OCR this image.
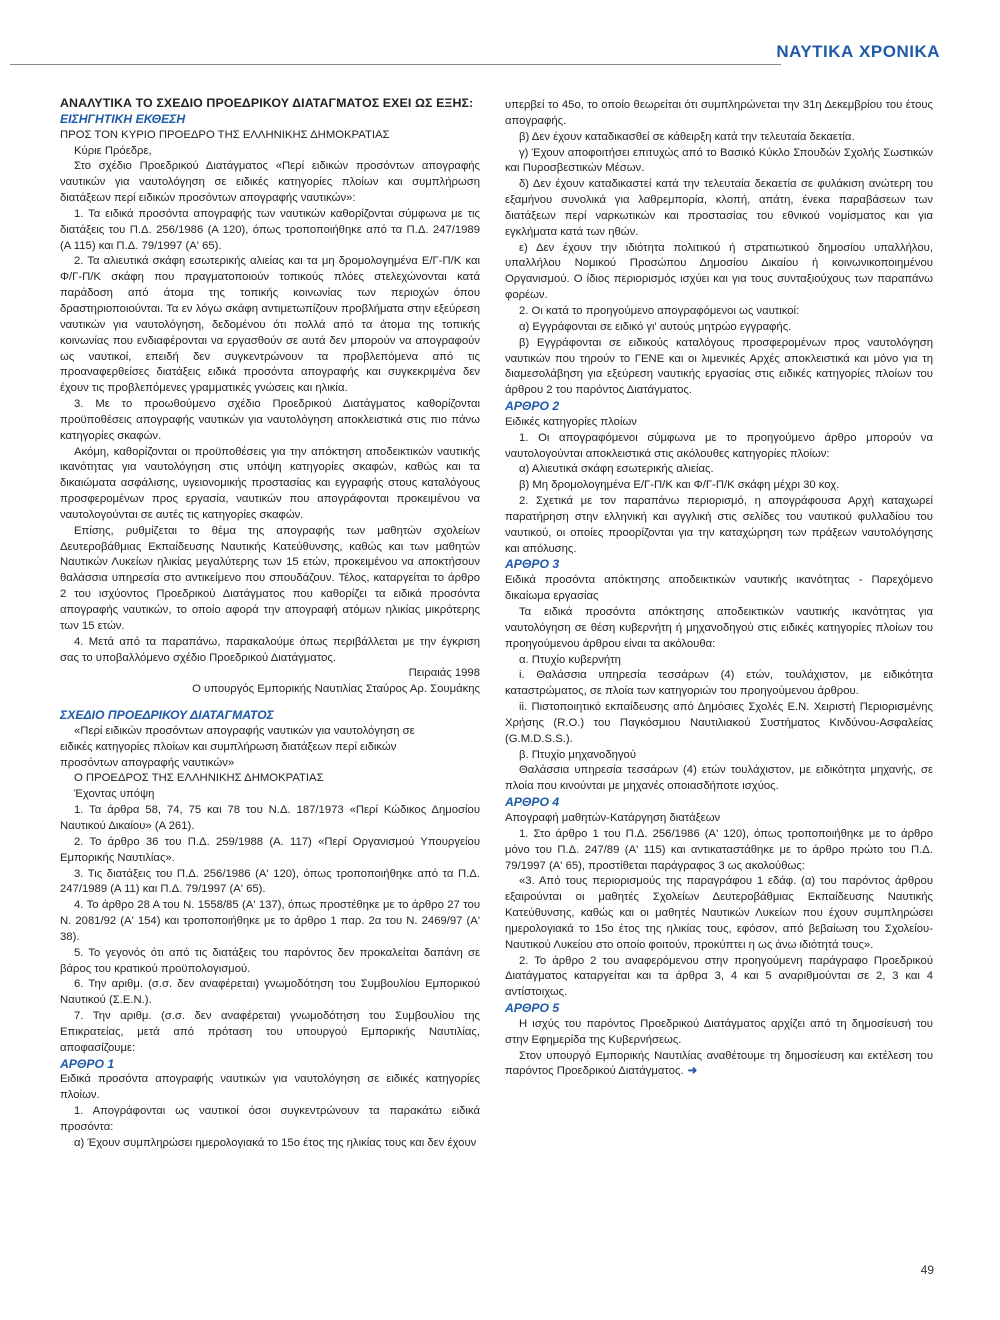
ΝΑΥΤΙΚΑ ΧΡΟΝΙΚΑ

ΑΝΑΛΥΤΙΚΑ ΤΟ ΣΧΕΔΙΟ ΠΡΟΕΔΡΙΚΟΥ ΔΙΑΤΑΓΜΑΤΟΣ ΕΧΕΙ ΩΣ ΕΞΗΣ:

ΕΙΣΗΓΗΤΙΚΗ ΕΚΘΕΣΗ

ΠΡΟΣ ΤΟΝ ΚΥΡΙΟ ΠΡΟΕΔΡΟ ΤΗΣ ΕΛΛΗΝΙΚΗΣ ΔΗΜΟΚΡΑΤΙΑΣ

Κύριε Πρόεδρε,

Στο σχέδιο Προεδρικού Διατάγματος «Περί ειδικών προσόντων απογραφής ναυτικών για ναυτολόγηση σε ειδικές κατηγορίες πλοίων και συμπλήρωση διατάξεων περί ειδικών προσόντων απογραφής ναυτικών»:

1. Τα ειδικά προσόντα απογραφής των ναυτικών καθορίζονται σύμφωνα με τις διατάξεις του Π.Δ. 256/1986 (Α 120), όπως τροποποιήθηκε από τα Π.Δ. 247/1989 (Α 115) και Π.Δ. 79/1997 (Α' 65).

2. Τα αλιευτικά σκάφη εσωτερικής αλιείας και τα μη δρομολογημένα Ε/Γ-Π/Κ και Φ/Γ-Π/Κ σκάφη που πραγματοποιούν τοπικούς πλόες στελεχώνονται κατά παράδοση από άτομα της τοπικής κοινωνίας των περιοχών όπου δραστηριοποιούνται. Τα εν λόγω σκάφη αντιμετωπίζουν προβλήματα στην εξεύρεση ναυτικών για ναυτολόγηση, δεδομένου ότι πολλά από τα άτομα της τοπικής κοινωνίας που ενδιαφέρονται να εργασθούν σε αυτά δεν μπορούν να απογραφούν ως ναυτικοί, επειδή δεν συγκεντρώνουν τα προβλεπόμενα από τις προαναφερθείσες διατάξεις ειδικά προσόντα απογραφής και συγκεκριμένα δεν έχουν τις προβλεπόμενες γραμματικές γνώσεις και ηλικία.

3. Με το προωθούμενο σχέδιο Προεδρικού Διατάγματος καθορίζονται προϋποθέσεις απογραφής ναυτικών για ναυτολόγηση αποκλειστικά στις πιο πάνω κατηγορίες σκαφών.

Ακόμη, καθορίζονται οι προϋποθέσεις για την απόκτηση αποδεικτικών ναυτικής ικανότητας για ναυτολόγηση στις υπόψη κατηγορίες σκαφών, καθώς και τα δικαιώματα ασφάλισης, υγειονομικής προστασίας και εγγραφής στους καταλόγους προσφερομένων προς εργασία, ναυτικών που απογράφονται προκειμένου να ναυτολογούνται σε αυτές τις κατηγορίες σκαφών.

Επίσης, ρυθμίζεται το θέμα της απογραφής των μαθητών σχολείων Δευτεροβάθμιας Εκπαίδευσης Ναυτικής Κατεύθυνσης, καθώς και των μαθητών Ναυτικών Λυκείων ηλικίας μεγαλύτερης των 15 ετών, προκειμένου να αποκτήσουν θαλάσσια υπηρεσία στο αντικείμενο που σπουδάζουν. Τέλος, καταργείται το άρθρο 2 του ισχύοντος Προεδρικού Διατάγματος που καθορίζει τα ειδικά προσόντα απογραφής ναυτικών, το οποίο αφορά την απογραφή ατόμων ηλικίας μικρότερης των 15 ετών.

4. Μετά από τα παραπάνω, παρακαλούμε όπως περιβάλλεται με την έγκριση σας το υποβαλλόμενο σχέδιο Προεδρικού Διατάγματος.

Πειραιάς 1998

Ο υπουργός Εμπορικής Ναυτιλίας Σταύρος Αρ. Σουμάκης

ΣΧΕΔΙΟ ΠΡΟΕΔΡΙΚΟΥ ΔΙΑΤΑΓΜΑΤΟΣ

«Περί ειδικών προσόντων απογραφής ναυτικών για ναυτολόγηση σε ειδικές κατηγορίες πλοίων και συμπλήρωση διατάξεων περί ειδικών προσόντων απογραφής ναυτικών»

Ο ΠΡΟΕΔΡΟΣ ΤΗΣ ΕΛΛΗΝΙΚΗΣ ΔΗΜΟΚΡΑΤΙΑΣ

Έχοντας υπόψη

1. Τα άρθρα 58, 74, 75 και 78 του Ν.Δ. 187/1973 «Περί Κώδικος Δημοσίου Ναυτικού Δικαίου» (Α 261).

2. Το άρθρο 36 του Π.Δ. 259/1988 (Α. 117) «Περί Οργανισμού Υπουργείου Εμπορικής Ναυτιλίας».

3. Τις διατάξεις του Π.Δ. 256/1986 (Α' 120), όπως τροποποιήθηκε από τα Π.Δ. 247/1989 (Α 11) και Π.Δ. 79/1997 (Α' 65).

4. Το άρθρο 28 Α του Ν. 1558/85 (Α' 137), όπως προστέθηκε με το άρθρο 27 του Ν. 2081/92 (Α' 154) και τροποποιήθηκε με το άρθρο 1 παρ. 2α του Ν. 2469/97 (Α' 38).

5. Το γεγονός ότι από τις διατάξεις του παρόντος δεν προκαλείται δαπάνη σε βάρος του κρατικού προϋπολογισμού.

6. Την αριθμ. (σ.σ. δεν αναφέρεται) γνωμοδότηση του Συμβουλίου Εμπορικού Ναυτικού (Σ.Ε.Ν.).

7. Την αριθμ. (σ.σ. δεν αναφέρεται) γνωμοδότηση του Συμβουλίου της Επικρατείας, μετά από πρόταση του υπουργού Εμπορικής Ναυτιλίας, αποφασίζουμε:

ΑΡΘΡΟ 1

Ειδικά προσόντα απογραφής ναυτικών για ναυτολόγηση σε ειδικές κατηγορίες πλοίων.

1. Απογράφονται ως ναυτικοί όσοι συγκεντρώνουν τα παρακάτω ειδικά προσόντα:

α) Έχουν συμπληρώσει ημερολογιακά το 15ο έτος της ηλικίας τους και δεν έχουν

υπερβεί το 45ο, το οποίο θεωρείται ότι συμπληρώνεται την 31η Δεκεμβρίου του έτους απογραφής.

β) Δεν έχουν καταδικασθεί σε κάθειρξη κατά την τελευταία δεκαετία.

γ) Έχουν αποφοιτήσει επιτυχώς από το Βασικό Κύκλο Σπουδών Σχολής Σωστικών και Πυροσβεστικών Μέσων.

δ) Δεν έχουν καταδικαστεί κατά την τελευταία δεκαετία σε φυλάκιση ανώτερη του εξαμήνου συνολικά για λαθρεμπορία, κλοπή, απάτη, ένεκα παραβάσεων των διατάξεων περί ναρκωτικών και προστασίας του εθνικού νομίσματος και για εγκλήματα κατά των ηθών.

ε) Δεν έχουν την ιδιότητα πολιτικού ή στρατιωτικού δημοσίου υπαλλήλου, υπαλλήλου Νομικού Προσώπου Δημοσίου Δικαίου ή κοινωνικοποιημένου Οργανισμού. Ο ίδιος περιορισμός ισχύει και για τους συνταξιούχους των παραπάνω φορέων.

2. Οι κατά το προηγούμενο απογραφόμενοι ως ναυτικοί:

α) Εγγράφονται σε ειδικό γι' αυτούς μητρώο εγγραφής.

β) Εγγράφονται σε ειδικούς καταλόγους προσφερομένων προς ναυτολόγηση ναυτικών που τηρούν το ΓΕΝΕ και οι λιμενικές Αρχές αποκλειστικά και μόνο για τη διαμεσολάβηση για εξεύρεση ναυτικής εργασίας στις ειδικές κατηγορίες πλοίων του άρθρου 2 του παρόντος Διατάγματος.

ΑΡΘΡΟ 2

Ειδικές κατηγορίες πλοίων

1. Οι απογραφόμενοι σύμφωνα με το προηγούμενο άρθρο μπορούν να ναυτολογούνται αποκλειστικά στις ακόλουθες κατηγορίες πλοίων:

α) Αλιευτικά σκάφη εσωτερικής αλιείας.

β) Μη δρομολογημένα Ε/Γ-Π/Κ και Φ/Γ-Π/Κ σκάφη μέχρι 30 κοχ.

2. Σχετικά με τον παραπάνω περιορισμό, η απογράφουσα Αρχή καταχωρεί παρατήρηση στην ελληνική και αγγλική στις σελίδες του ναυτικού φυλλαδίου του ναυτικού, οι οποίες προορίζονται για την καταχώρηση των πράξεων ναυτολόγησης και απόλυσης.

ΑΡΘΡΟ 3

Ειδικά προσόντα απόκτησης αποδεικτικών ναυτικής ικανότητας - Παρεχόμενο δικαίωμα εργασίας

Τα ειδικά προσόντα απόκτησης αποδεικτικών ναυτικής ικανότητας για ναυτολόγηση σε θέση κυβερνήτη ή μηχανοδηγού στις ειδικές κατηγορίες πλοίων του προηγούμενου άρθρου είναι τα ακόλουθα:

α. Πτυχίο κυβερνήτη

i. Θαλάσσια υπηρεσία τεσσάρων (4) ετών, τουλάχιστον, με ειδικότητα καταστρώματος, σε πλοία των κατηγοριών του προηγούμενου άρθρου.

ii. Πιστοποιητικό εκπαίδευσης από Δημόσιες Σχολές Ε.Ν. Χειριστή Περιορισμένης Χρήσης (R.O.) του Παγκόσμιου Ναυτιλιακού Συστήματος Κινδύνου-Ασφαλείας (G.M.D.S.S.).

β. Πτυχίο μηχανοδηγού

Θαλάσσια υπηρεσία τεσσάρων (4) ετών τουλάχιστον, με ειδικότητα μηχανής, σε πλοία που κινούνται με μηχανές οποιασδήποτε ισχύος.

ΑΡΘΡΟ 4

Απογραφή μαθητών-Κατάργηση διατάξεων

1. Στο άρθρο 1 του Π.Δ. 256/1986 (Α' 120), όπως τροποποιήθηκε με το άρθρο μόνο του Π.Δ. 247/89 (Α' 115) και αντικαταστάθηκε με το άρθρο πρώτο του Π.Δ. 79/1997 (Α' 65), προστίθεται παράγραφος 3 ως ακολούθως:

«3. Από τους περιορισμούς της παραγράφου 1 εδάφ. (α) του παρόντος άρθρου εξαιρούνται οι μαθητές Σχολείων Δευτεροβάθμιας Εκπαίδευσης Ναυτικής Κατεύθυνσης, καθώς και οι μαθητές Ναυτικών Λυκείων που έχουν συμπληρώσει ημερολογιακά το 15ο έτος της ηλικίας τους, εφόσον, από βεβαίωση του Σχολείου-Ναυτικού Λυκείου στο οποίο φοιτούν, προκύπτει η ως άνω ιδιότητά τους».

2. Το άρθρο 2 του αναφερόμενου στην προηγούμενη παράγραφο Προεδρικού Διατάγματος καταργείται και τα άρθρα 3, 4 και 5 αναριθμούνται σε 2, 3 και 4 αντίστοιχως.

ΑΡΘΡΟ 5

Η ισχύς του παρόντος Προεδρικού Διατάγματος αρχίζει από τη δημοσίευσή του στην Εφημερίδα της Κυβερνήσεως.

Στον υπουργό Εμπορικής Ναυτιλίας αναθέτουμε τη δημοσίευση και εκτέλεση του παρόντος Προεδρικού Διατάγματος. ➜

49
